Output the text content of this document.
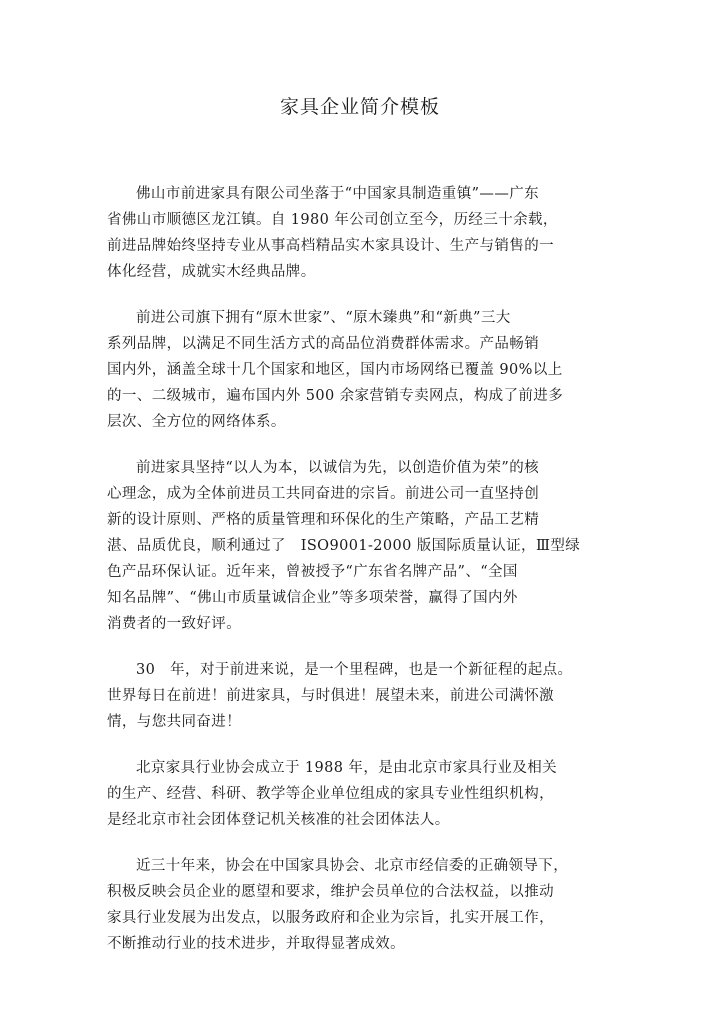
家具企业简介模板
佛山市前进家具有限公司坐落于“中国家具制造重镇”——广东
省佛山市顺德区龙江镇。自 1980 年公司创立至今，历经三十余载，
前进品牌始终坚持专业从事高档精品实木家具设计、生产与销售的一
体化经营，成就实木经典品牌。
前进公司旗下拥有“原木世家”、“原木臻典”和“新典”三大
系列品牌，以满足不同生活方式的高品位消费群体需求。产品畅销
国内外，涵盖全球十几个国家和地区，国内市场网络已覆盖 90%以上
的一、二级城市，遍布国内外 500 余家营销专卖网点，构成了前进多
层次、全方位的网络体系。
前进家具坚持“以人为本，以诚信为先，以创造价值为荣”的核
心理念，成为全体前进员工共同奋进的宗旨。前进公司一直坚持创
新的设计原则、严格的质量管理和环保化的生产策略，产品工艺精
湛、品质优良，顺利通过了　ISO9001-2000 版国际质量认证，Ⅲ型绿
色产品环保认证。近年来，曾被授予“广东省名牌产品”、“全国
知名品牌”、“佛山市质量诚信企业”等多项荣誉，赢得了国内外
消费者的一致好评。
30　年，对于前进来说，是一个里程碑，也是一个新征程的起点。
世界每日在前进！前进家具，与时俱进！展望未来，前进公司满怀激
情，与您共同奋进！
北京家具行业协会成立于 1988 年，是由北京市家具行业及相关
的生产、经营、科研、教学等企业单位组成的家具专业性组织机构，
是经北京市社会团体登记机关核准的社会团体法人。
近三十年来，协会在中国家具协会、北京市经信委的正确领导下，
积极反映会员企业的愿望和要求，维护会员单位的合法权益，以推动
家具行业发展为出发点，以服务政府和企业为宗旨，扎实开展工作，
不断推动行业的技术进步，并取得显著成效。
